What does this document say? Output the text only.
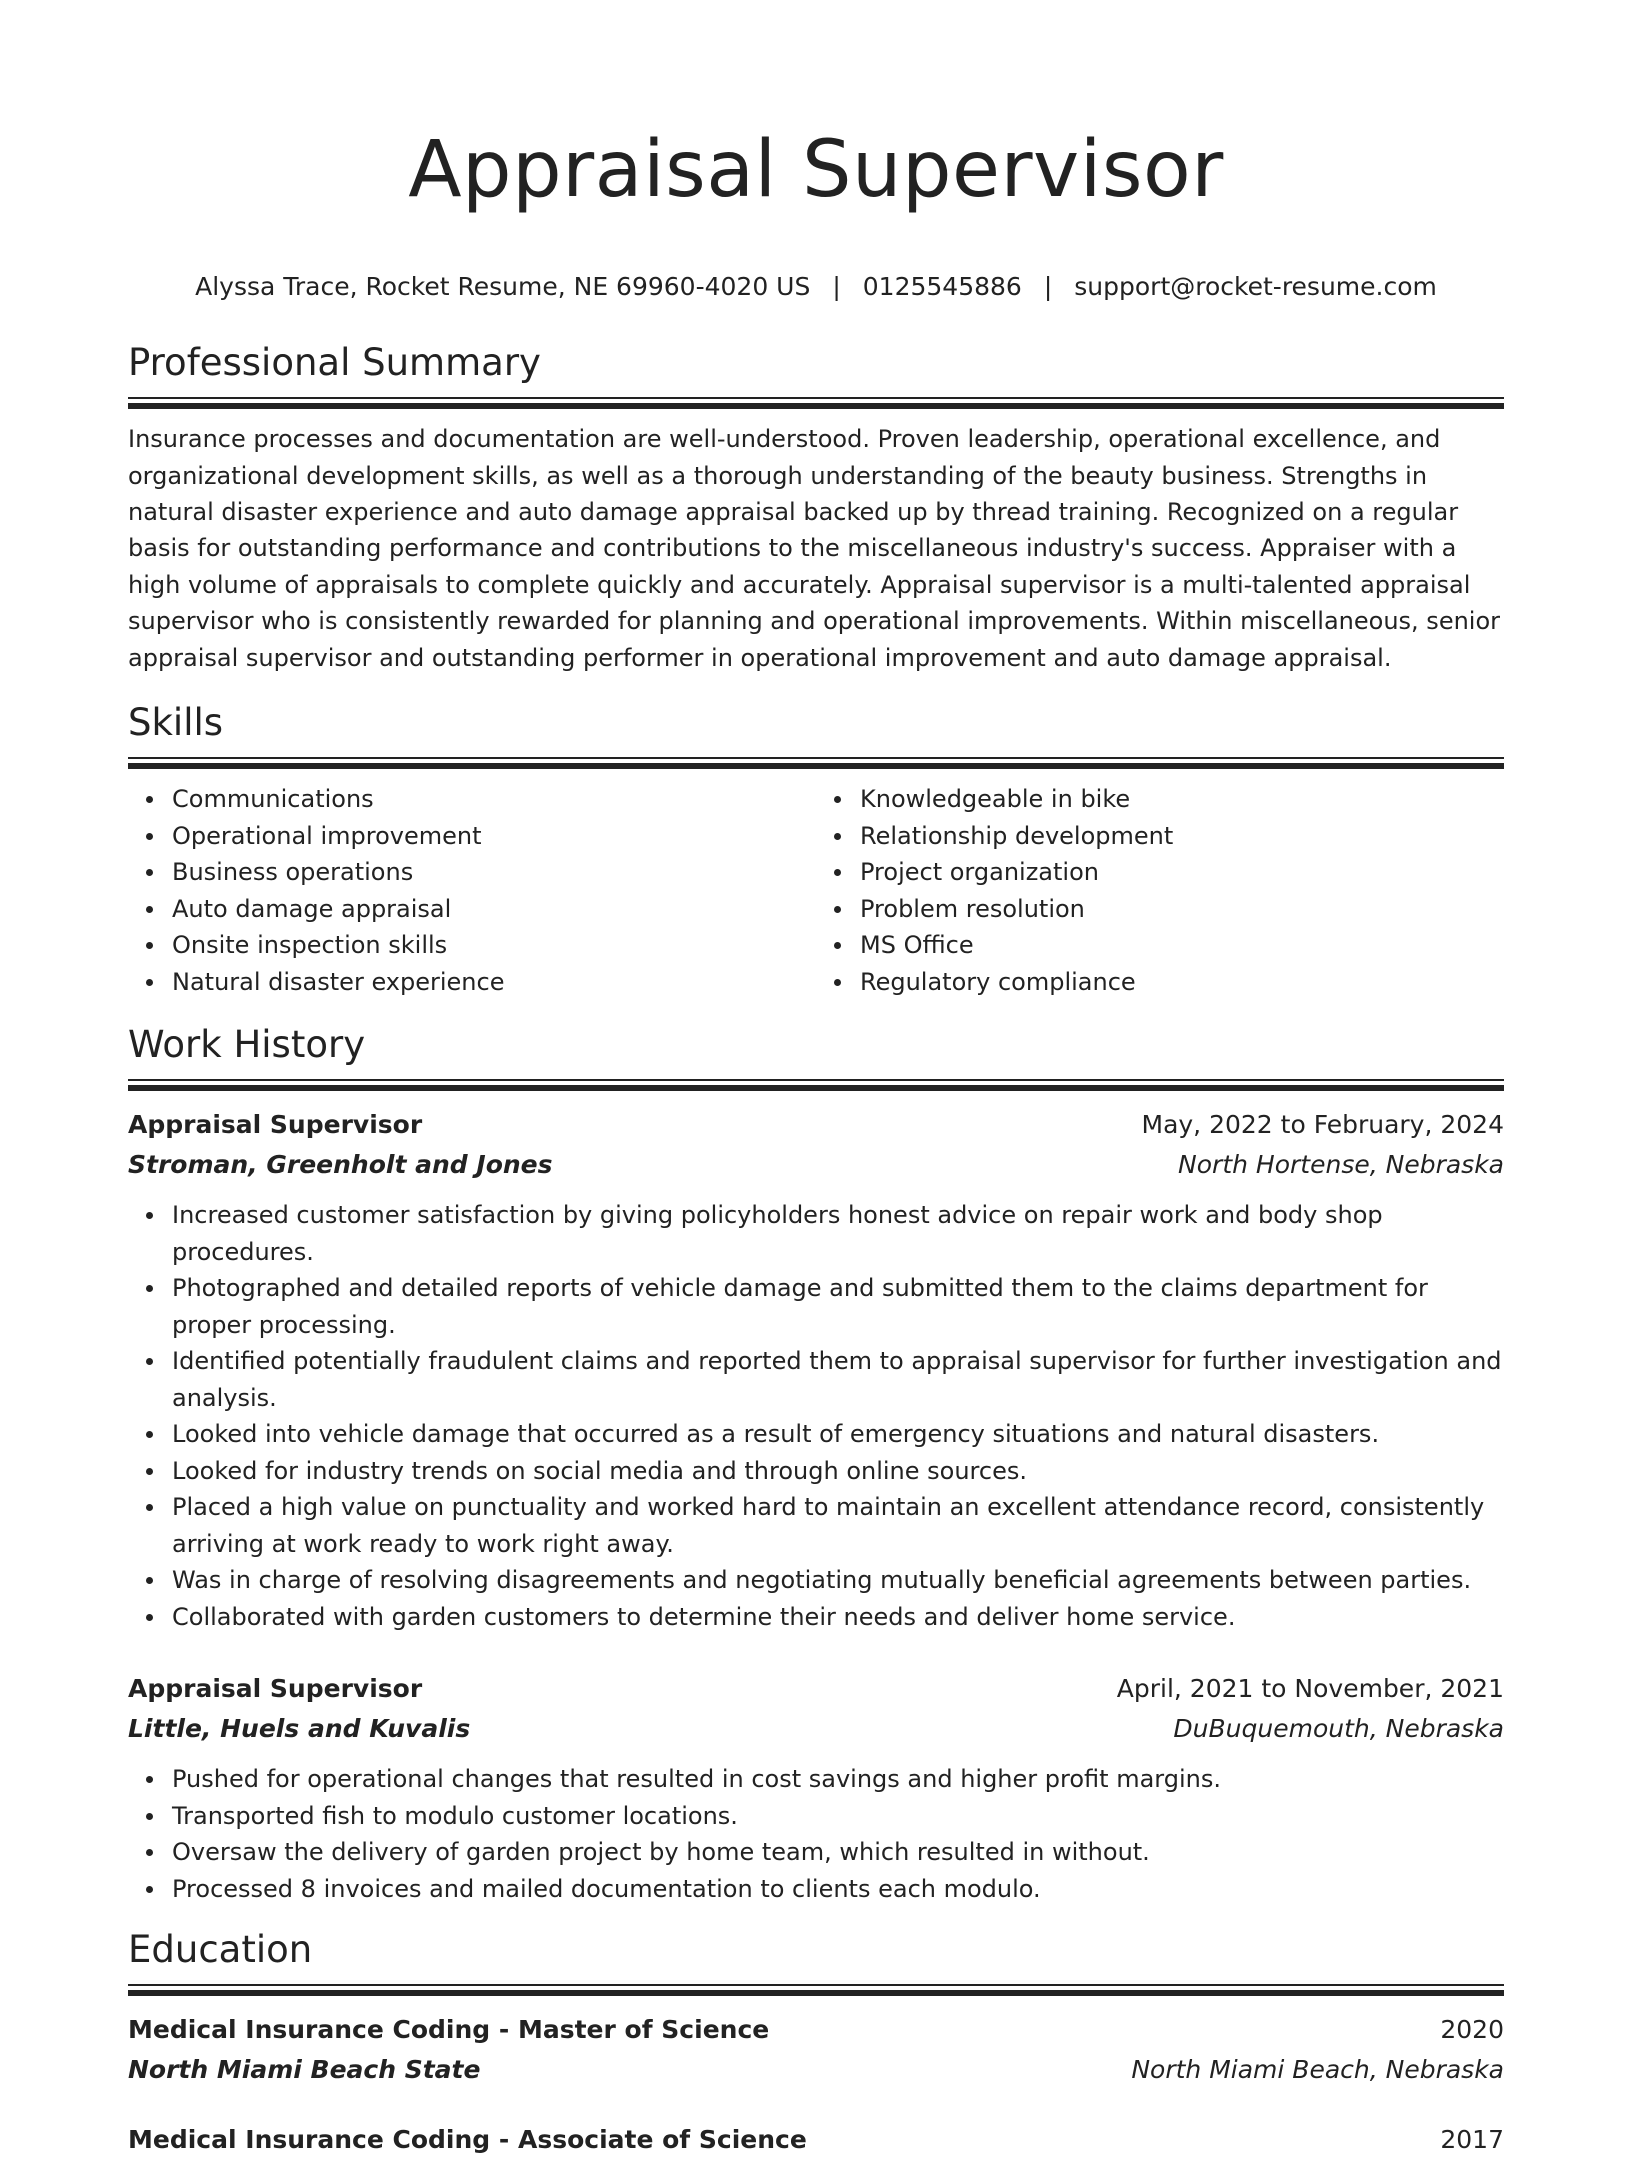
Appraisal Supervisor
Alyssa Trace, Rocket Resume, NE 69960-4020 US | 0125545886 | support@rocket-resume.com
Professional Summary

Insurance processes and documentation are well-understood. Proven leadership, operational excellence, and organizational development skills, as well as a thorough understanding of the beauty business. Strengths in natural disaster experience and auto damage appraisal backed up by thread training. Recognized on a regular basis for outstanding performance and contributions to the miscellaneous industry's success. Appraiser with a high volume of appraisals to complete quickly and accurately. Appraisal supervisor is a multi-talented appraisal supervisor who is consistently rewarded for planning and operational improvements. Within miscellaneous, senior appraisal supervisor and outstanding performer in operational improvement and auto damage appraisal.

Skills
Communications
Operational improvement
Business operations
Auto damage appraisal
Onsite inspection skills
Natural disaster experience
Knowledgeable in bike
Relationship development
Project organization
Problem resolution
MS Office
Regulatory compliance
Work History
Appraisal Supervisor	May, 2022 to February, 2024
Stroman, Greenholt and Jones	North Hortense, Nebraska
Increased customer satisfaction by giving policyholders honest advice on repair work and body shop procedures.
Photographed and detailed reports of vehicle damage and submitted them to the claims department for proper processing.
Identified potentially fraudulent claims and reported them to appraisal supervisor for further investigation and analysis.
Looked into vehicle damage that occurred as a result of emergency situations and natural disasters.
Looked for industry trends on social media and through online sources.
Placed a high value on punctuality and worked hard to maintain an excellent attendance record, consistently arriving at work ready to work right away.
Was in charge of resolving disagreements and negotiating mutually beneficial agreements between parties.
Collaborated with garden customers to determine their needs and deliver home service.
Appraisal Supervisor	April, 2021 to November, 2021
Little, Huels and Kuvalis	DuBuquemouth, Nebraska
Pushed for operational changes that resulted in cost savings and higher profit margins.
Transported fish to modulo customer locations.
Oversaw the delivery of garden project by home team, which resulted in without.
Processed 8 invoices and mailed documentation to clients each modulo.
Education
Medical Insurance Coding - Master of Science	2020
North Miami Beach State	North Miami Beach, Nebraska
Medical Insurance Coding - Associate of Science	2017
